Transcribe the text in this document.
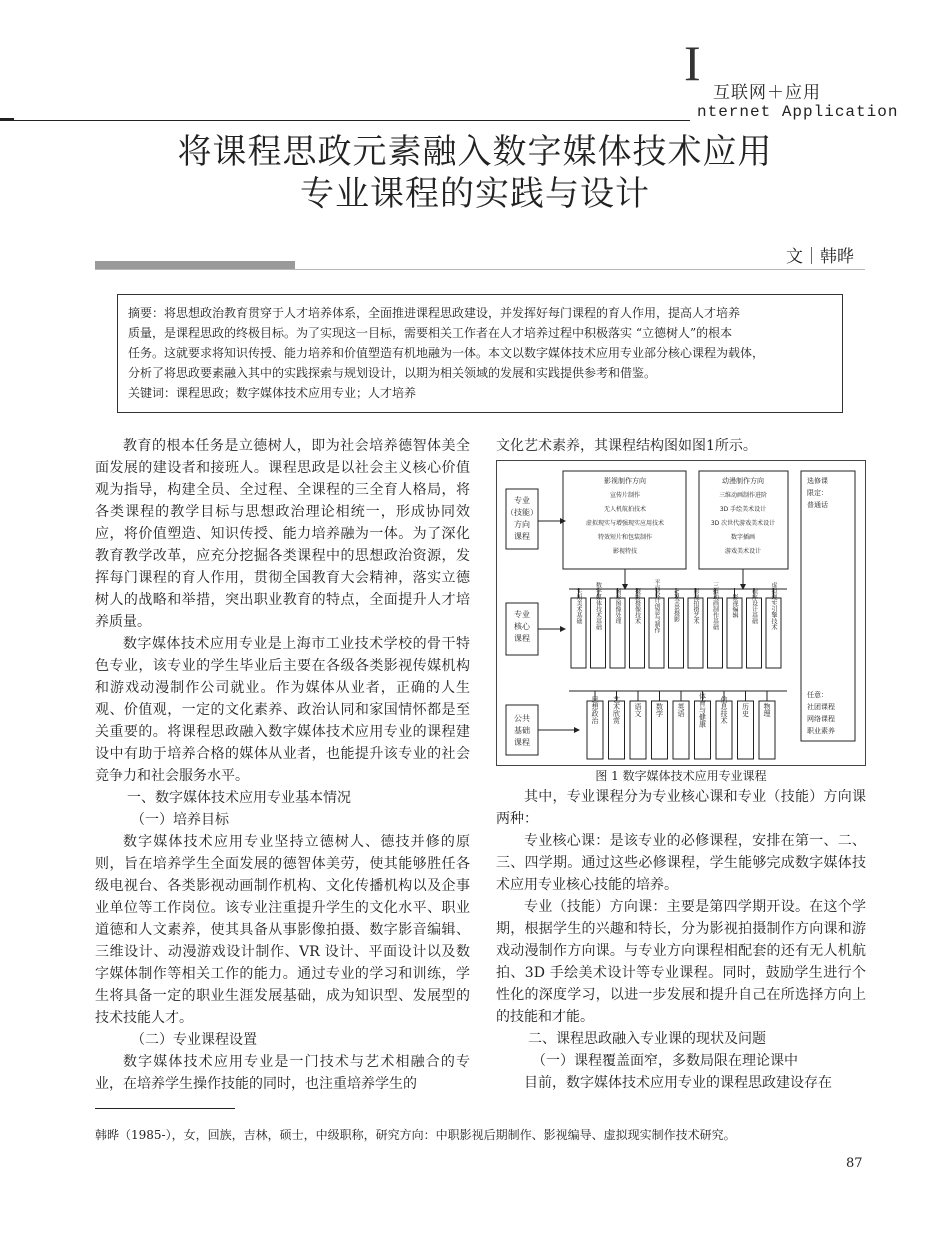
I
互联网＋应用
nternet Application
将课程思政元素融入数字媒体技术应用
专业课程的实践与设计
文｜韩晔
摘要：将思想政治教育贯穿于人才培养体系，全面推进课程思政建设，并发挥好每门课程的育人作用，提高人才培养
质量，是课程思政的终极目标。为了实现这一目标，需要相关工作者在人才培养过程中积极落实 “立德树人”的根本
任务。这就要求将知识传授、能力培养和价值塑造有机地融为一体。本文以数字媒体技术应用专业部分核心课程为载体，
分析了将思政要素融入其中的实践探索与规划设计，以期为相关领域的发展和实践提供参考和借鉴。
关键词：课程思政；数字媒体技术应用专业；人才培养

教育的根本任务是立德树人，即为社会培养德智体美全面发展的建设者和接班人。课程思政是以社会主义核心价值观为指导，构建全员、全过程、全课程的三全育人格局，将各类课程的教学目标与思想政治理论相统一，形成协同效应，将价值塑造、知识传授、能力培养融为一体。为了深化教育教学改革，应充分挖掘各类课程中的思想政治资源，发挥每门课程的育人作用，贯彻全国教育大会精神，落实立德树人的战略和举措，突出职业教育的特点，全面提升人才培养质量。

数字媒体技术应用专业是上海市工业技术学校的骨干特色专业，该专业的学生毕业后主要在各级各类影视传媒机构和游戏动漫制作公司就业。作为媒体从业者，正确的人生观、价值观，一定的文化素养、政治认同和家国情怀都是至关重要的。将课程思政融入数字媒体技术应用专业的课程建设中有助于培养合格的媒体从业者，也能提升该专业的社会竞争力和社会服务水平。

一、数字媒体技术应用专业基本情况

（一）培养目标

数字媒体技术应用专业坚持立德树人、德技并修的原则，旨在培养学生全面发展的德智体美劳，使其能够胜任各级电视台、各类影视动画制作机构、文化传播机构以及企事业单位等工作岗位。该专业注重提升学生的文化水平、职业道德和人文素养，使其具备从事影像拍摄、数字影音编辑、三维设计、动漫游戏设计制作、VR 设计、平面设计以及数字媒体制作等相关工作的能力。通过专业的学习和训练，学生将具备一定的职业生涯发展基础，成为知识型、发展型的技术技能人才。

（二）专业课程设置

数字媒体技术应用专业是一门技术与艺术相融合的专业，在培养学生操作技能的同时，也注重培养学生的

文化艺术素养，其课程结构图如图1所示。

专业
（技能）
方向
课程
专业
核心
课程
公共
基础
课程
影视制作方向
宣传片制作
无人机航拍技术
虚拟现实与增强现实应用技术
特效短片和包装制作
影视特技
动漫制作方向
三维动画制作进阶
3D 手绘美术设计
3D 次世代游戏美术设计
数字插画
游戏美术设计
选修课
限定：
普通话
任意：
社团课程
网络课程
职业素养
实用美术基础 数字媒体技术基础 图形图像处理 摄影摄像技术 平面设计创意与制作 VR全景摄影 影视拍摄艺术 三维动画制作基础 影视编辑 程序设计基础 虚拟现实引擎技术
思想政治 艺术欣赏 语文 数学 英语 体育与健康 信息技术 历史 物理
图 1 数字媒体技术应用专业课程

其中，专业课程分为专业核心课和专业（技能）方向课两种：

专业核心课：是该专业的必修课程，安排在第一、二、三、四学期。通过这些必修课程，学生能够完成数字媒体技术应用专业核心技能的培养。

专业（技能）方向课：主要是第四学期开设。在这个学期，根据学生的兴趣和特长，分为影视拍摄制作方向课和游戏动漫制作方向课。与专业方向课程相配套的还有无人机航拍、3D 手绘美术设计等专业课程。同时，鼓励学生进行个性化的深度学习，以进一步发展和提升自己在所选择方向上的技能和才能。

二、课程思政融入专业课的现状及问题

（一）课程覆盖面窄，多数局限在理论课中

目前，数字媒体技术应用专业的课程思政建设存在

韩晔（1985-），女，回族，吉林，硕士，中级职称，研究方向：中职影视后期制作、影视编导、虚拟现实制作技术研究。
87
